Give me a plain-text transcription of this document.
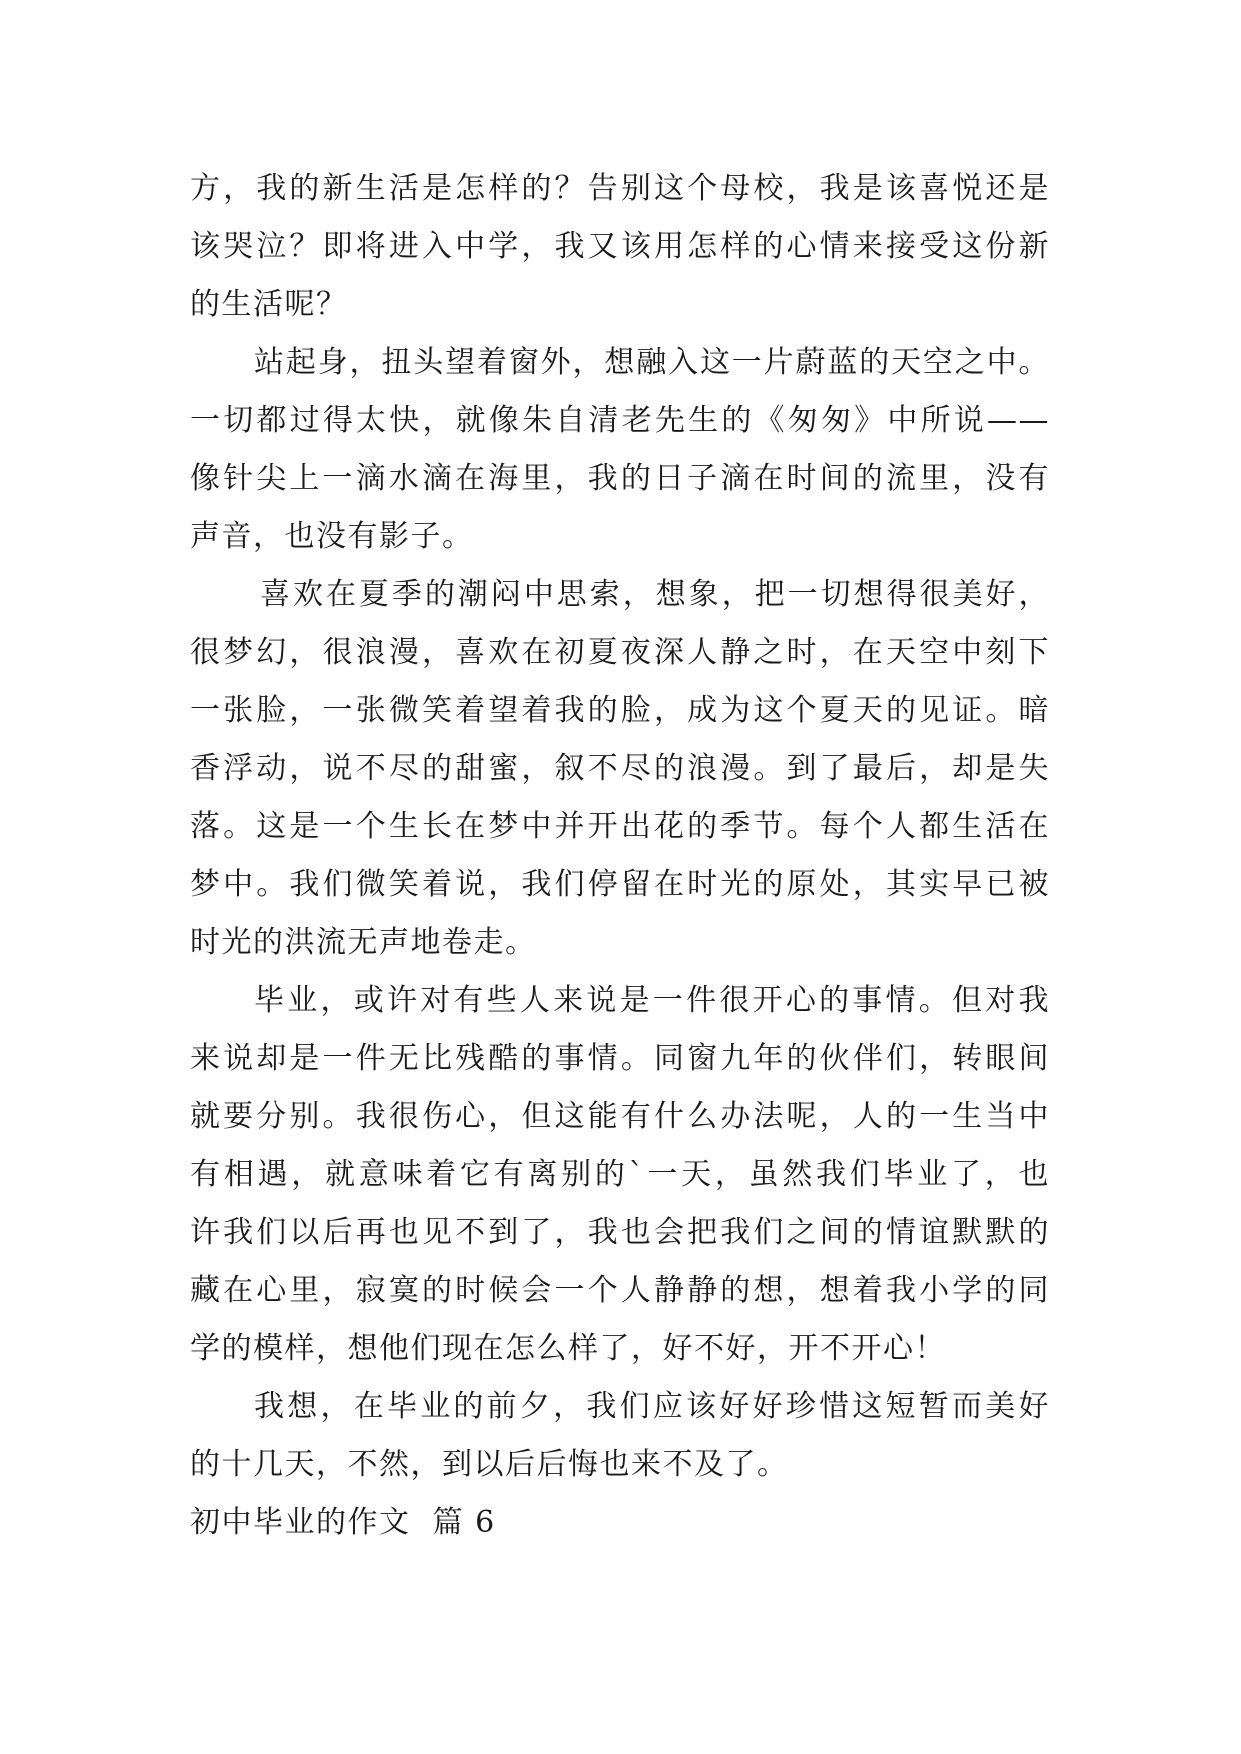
方，我的新生活是怎样的？告别这个母校，我是该喜悦还是
该哭泣？即将进入中学，我又该用怎样的心情来接受这份新
的生活呢？
站起身，扭头望着窗外，想融入这一片蔚蓝的天空之中。
一切都过得太快，就像朱自清老先生的《匆匆》中所说——
像针尖上一滴水滴在海里，我的日子滴在时间的流里，没有
声音，也没有影子。
喜欢在夏季的潮闷中思索，想象，把一切想得很美好，
很梦幻，很浪漫，喜欢在初夏夜深人静之时，在天空中刻下
一张脸，一张微笑着望着我的脸，成为这个夏天的见证。暗
香浮动，说不尽的甜蜜，叙不尽的浪漫。到了最后，却是失
落。这是一个生长在梦中并开出花的季节。每个人都生活在
梦中。我们微笑着说，我们停留在时光的原处，其实早已被
时光的洪流无声地卷走。
毕业，或许对有些人来说是一件很开心的事情。但对我
来说却是一件无比残酷的事情。同窗九年的伙伴们，转眼间
就要分别。我很伤心，但这能有什么办法呢，人的一生当中
有相遇，就意味着它有离别的`一天，虽然我们毕业了，也
许我们以后再也见不到了，我也会把我们之间的情谊默默的
藏在心里，寂寞的时候会一个人静静的想，想着我小学的同
学的模样，想他们现在怎么样了，好不好，开不开心！
我想，在毕业的前夕，我们应该好好珍惜这短暂而美好
的十几天，不然，到以后后悔也来不及了。
初中毕业的作文  篇 6
